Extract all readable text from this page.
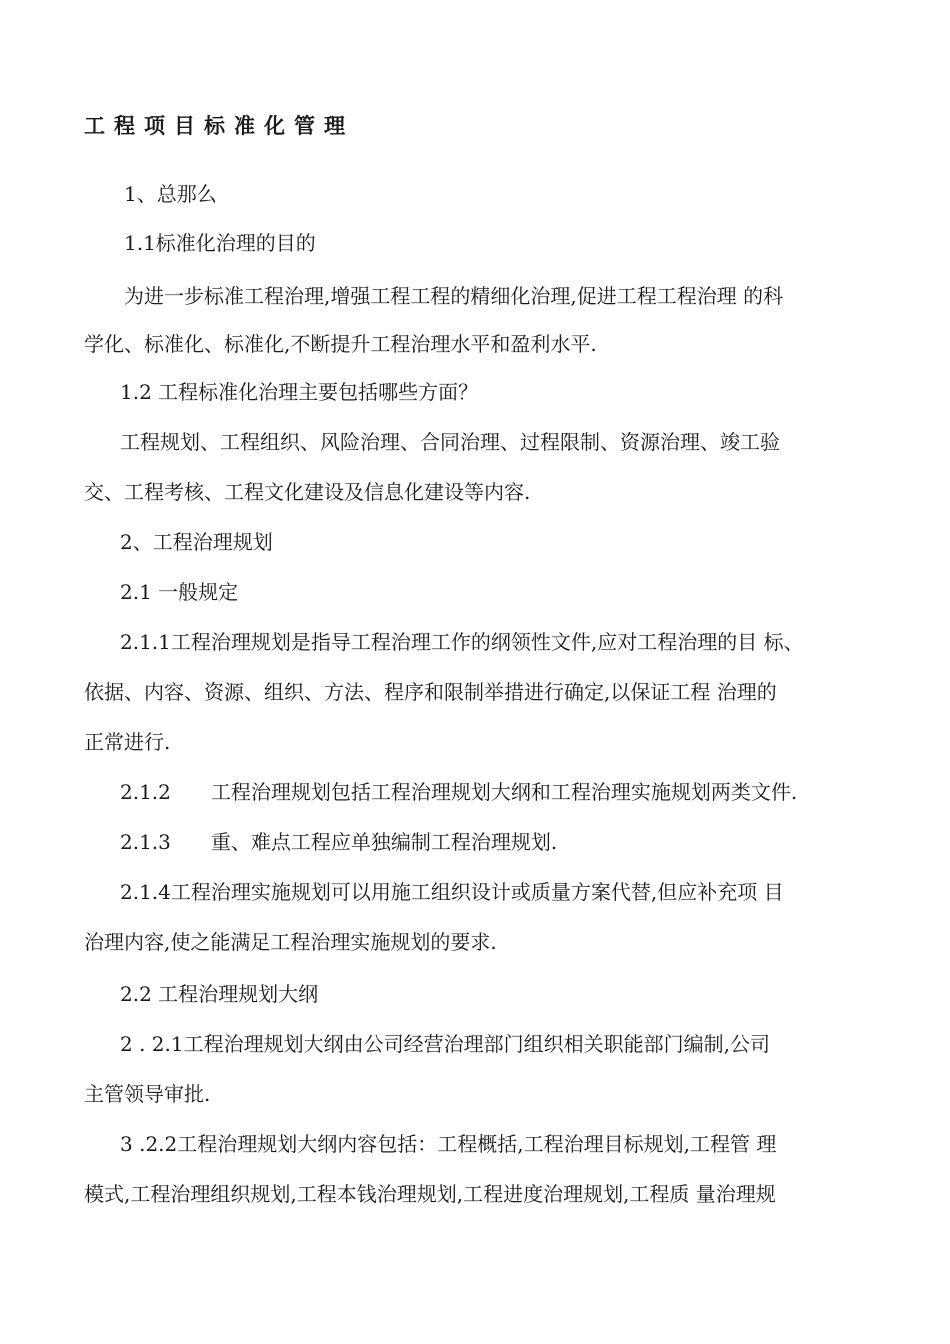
工程项目标准化管理
1、总那么
1.1标准化治理的目的
为进一步标准工程治理,增强工程工程的精细化治理,促进工程工程治理 的科
学化、标准化、标准化,不断提升工程治理水平和盈利水平.
1.2 工程标准化治理主要包括哪些方面？
工程规划、工程组织、风险治理、合同治理、过程限制、资源治理、竣工验
交、工程考核、工程文化建设及信息化建设等内容.
2、工程治理规划
2.1 一般规定
2.1.1工程治理规划是指导工程治理工作的纲领性文件,应对工程治理的目 标、
依据、内容、资源、组织、方法、程序和限制举措进行确定,以保证工程 治理的
正常进行.
2.1.2　　工程治理规划包括工程治理规划大纲和工程治理实施规划两类文件.
2.1.3　　重、难点工程应单独编制工程治理规划.
2.1.4工程治理实施规划可以用施工组织设计或质量方案代替,但应补充项 目
治理内容,使之能满足工程治理实施规划的要求.
2.2 工程治理规划大纲
2 . 2.1工程治理规划大纲由公司经营治理部门组织相关职能部门编制,公司
主管领导审批.
3 .2.2工程治理规划大纲内容包括：工程概括,工程治理目标规划,工程管 理
模式,工程治理组织规划,工程本钱治理规划,工程进度治理规划,工程质 量治理规
